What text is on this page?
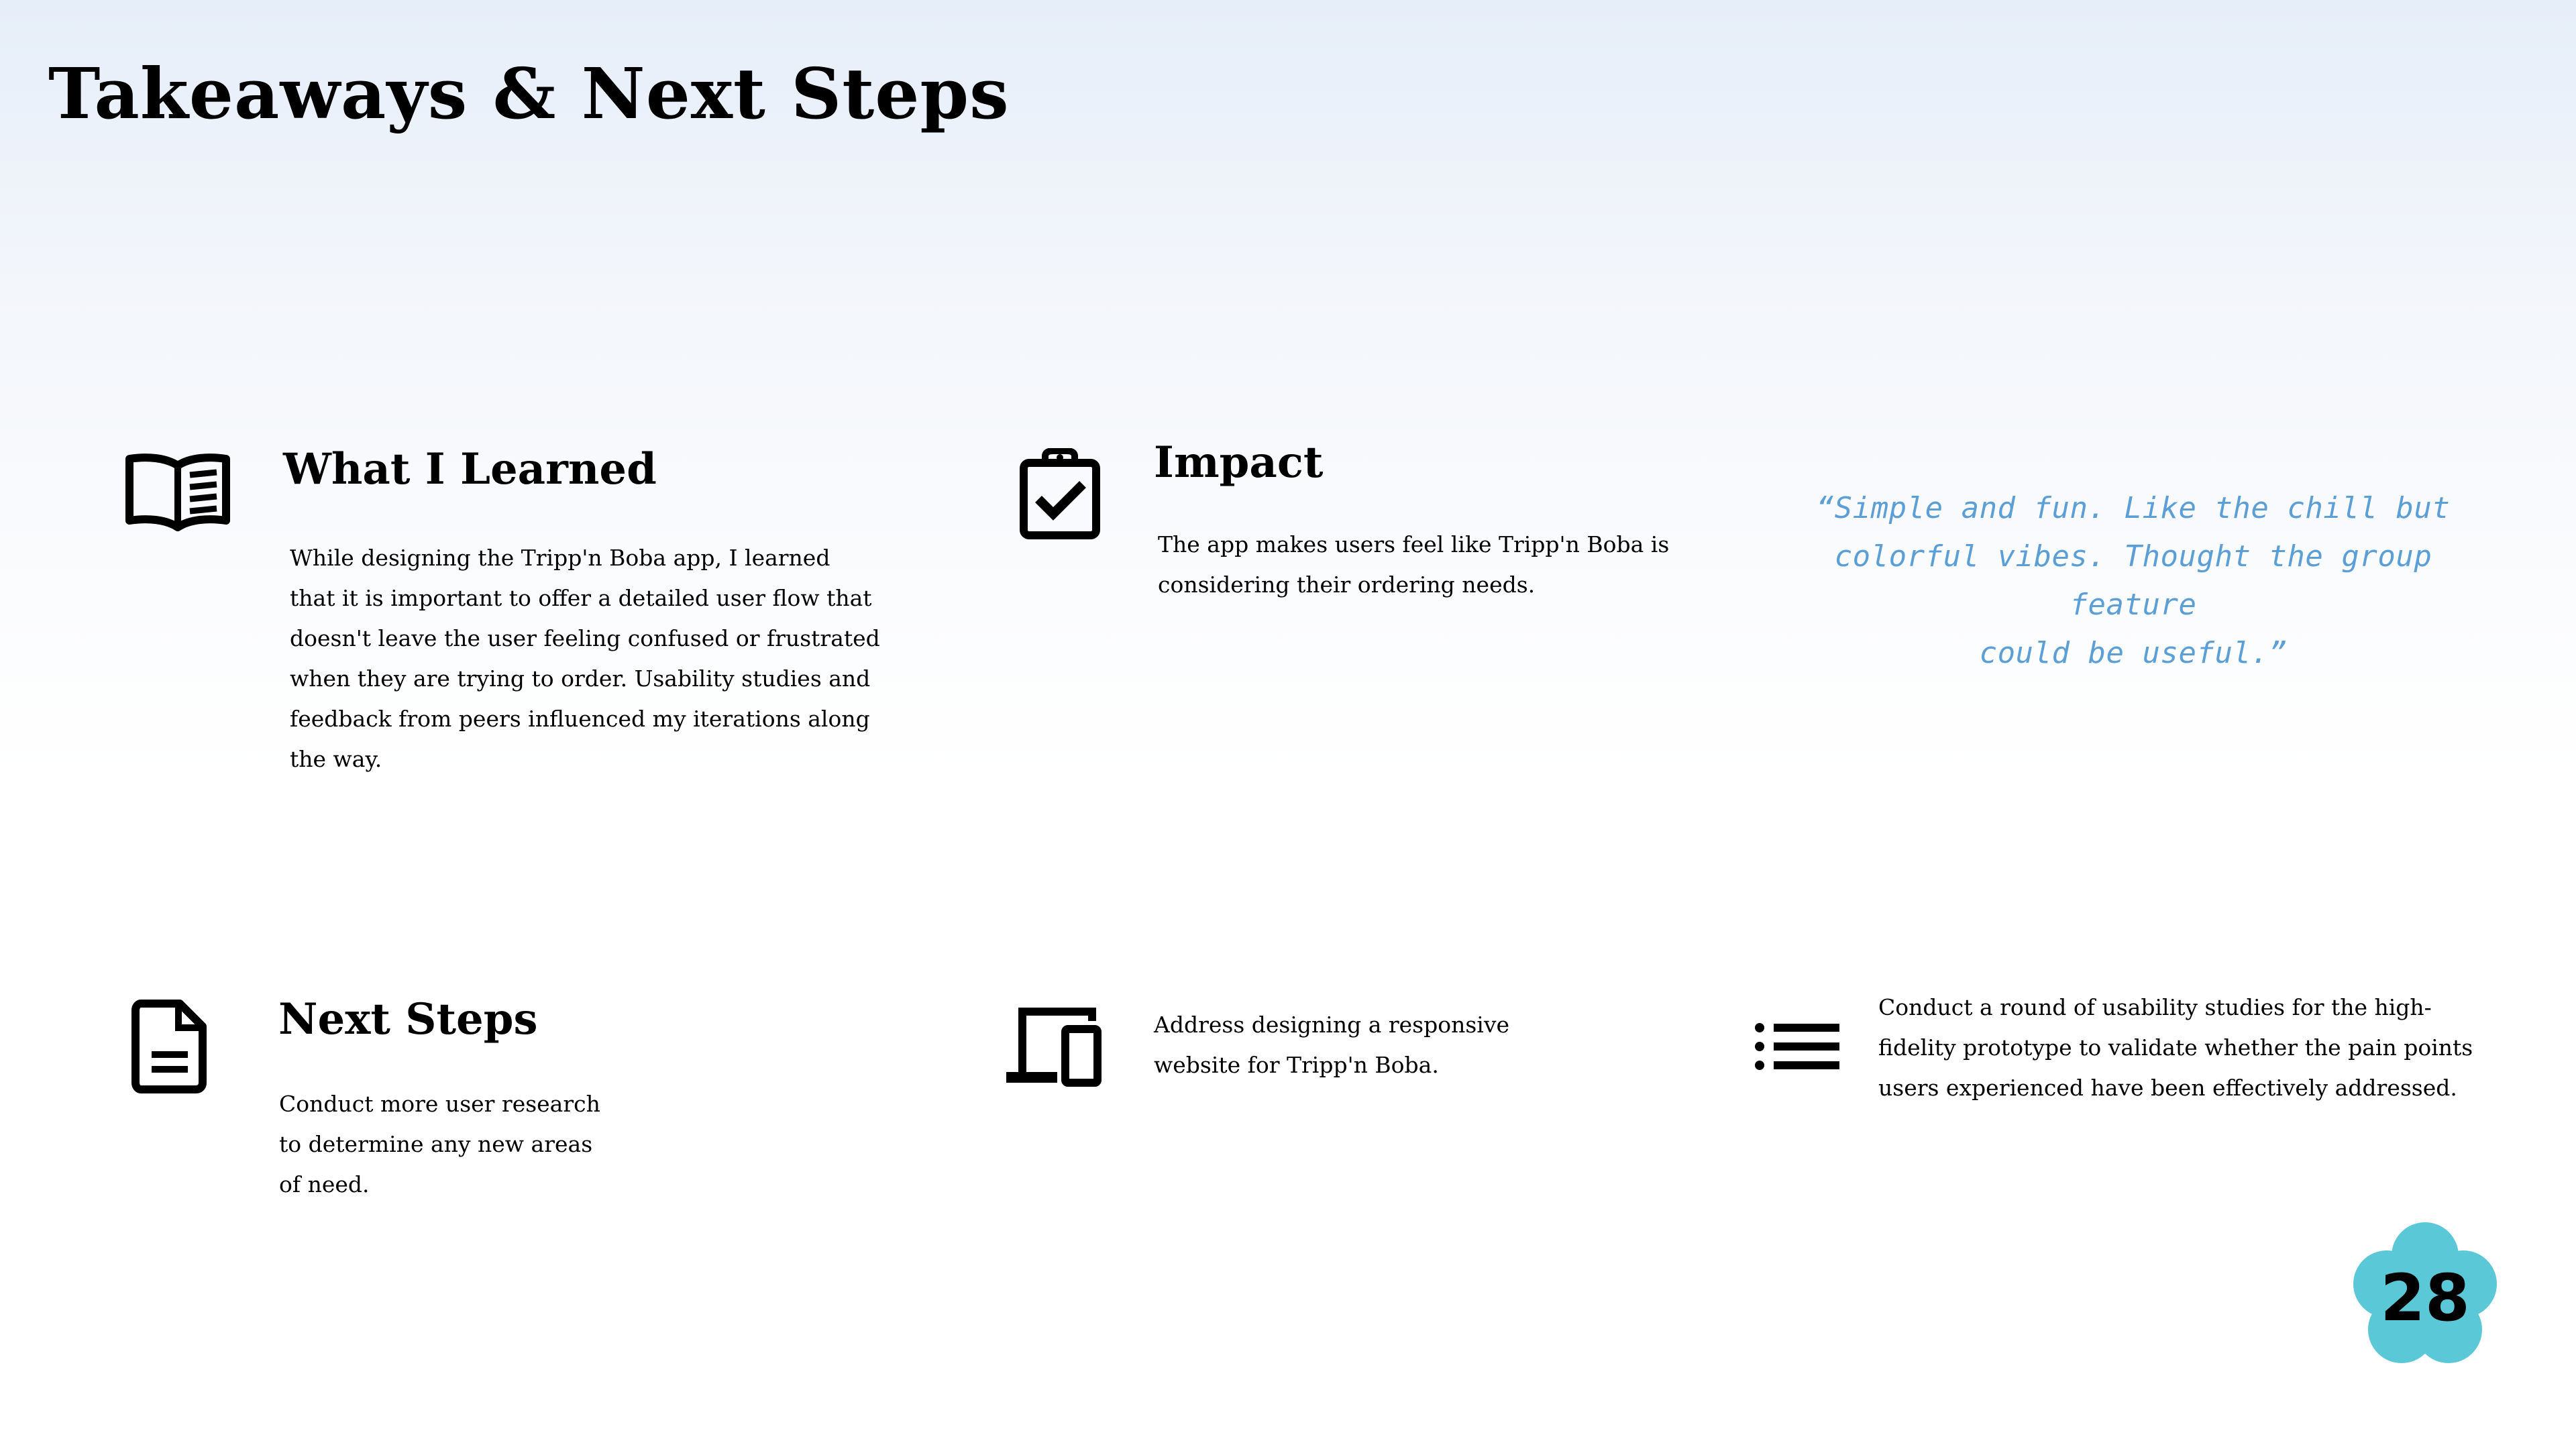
Takeaways & Next Steps
What I Learned
While designing the Tripp'n Boba app, I learned
that it is important to offer a detailed user flow that
doesn't leave the user feeling confused or frustrated
when they are trying to order. Usability studies and
feedback from peers influenced my iterations along
the way.
Impact
The app makes users feel like Tripp'n Boba is
considering their ordering needs.
“Simple and fun. Like the chill but
colorful vibes. Thought the group feature
could be useful.”
Next Steps
Conduct more user research
to determine any new areas
of need.
Address designing a responsive
website for Tripp'n Boba.
Conduct a round of usability studies for the high-
fidelity prototype to validate whether the pain points
users experienced have been effectively addressed.
28
